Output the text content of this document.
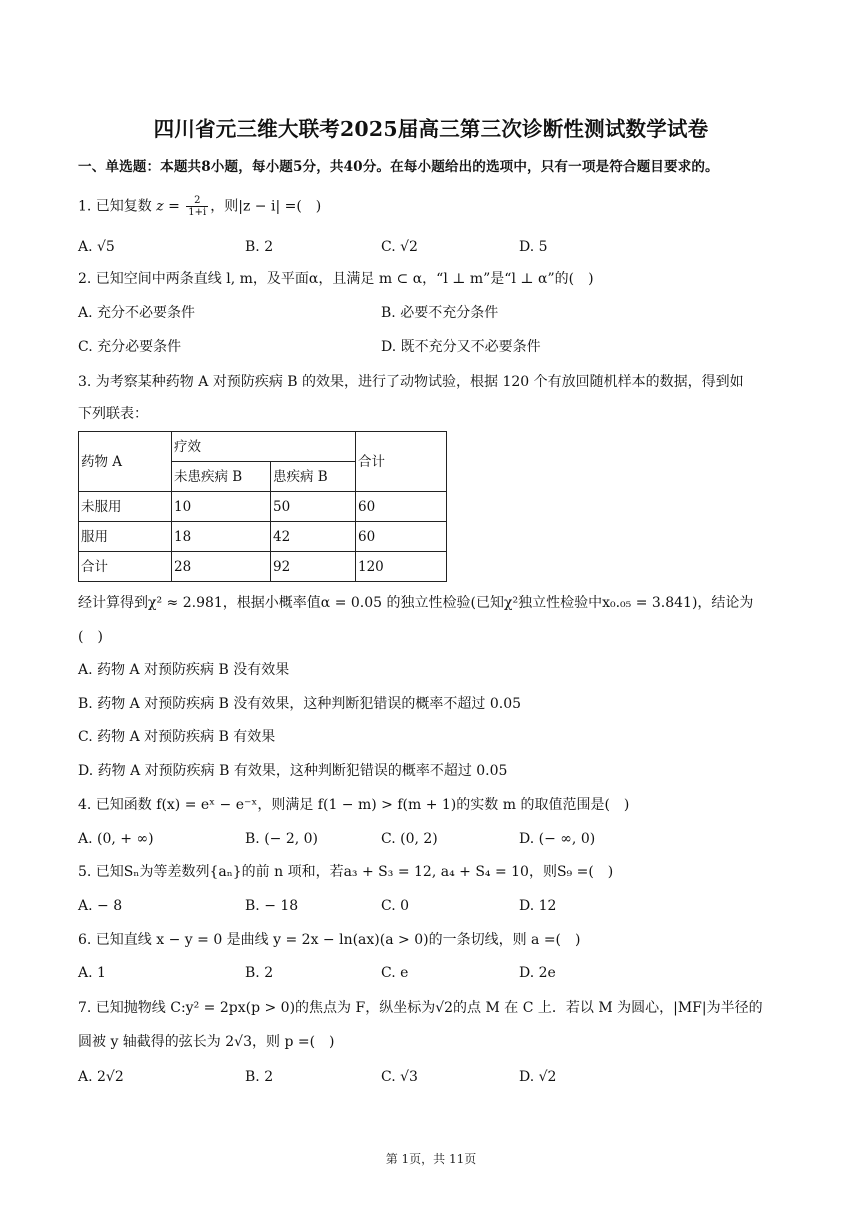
四川省元三维大联考2025届高三第三次诊断性测试数学试卷
一、单选题：本题共8小题，每小题5分，共40分。在每小题给出的选项中，只有一项是符合题目要求的。
1. 已知复数 $z = \frac{2}{1+i}$ ，则|z − i| =(　)
A. √5	B. 2	C. √2	D. 5
2. 已知空间中两条直线 l, m，及平面α，且满足 m ⊂ α，“l ⊥ m”是“l ⊥ α”的(　)
A. 充分不必要条件	B. 必要不充分条件
C. 充分必要条件	D. 既不充分又不必要条件
3. 为考察某种药物 A 对预防疾病 B 的效果，进行了动物试验，根据 120 个有放回随机样本的数据，得到如
下列联表：
药物 A	疗效		合计
	未患疾病 B	患疾病 B	
未服用	10	50	60
服用	18	42	60
合计	28	92	120
经计算得到χ² ≈ 2.981，根据小概率值α = 0.05 的独立性检验(已知χ²独立性检验中x₀.₀₅ = 3.841)，结论为
(　)
A. 药物 A 对预防疾病 B 没有效果
B. 药物 A 对预防疾病 B 没有效果，这种判断犯错误的概率不超过 0.05
C. 药物 A 对预防疾病 B 有效果
D. 药物 A 对预防疾病 B 有效果，这种判断犯错误的概率不超过 0.05
4. 已知函数 f(x) = eˣ − e⁻ˣ，则满足 f(1 − m) > f(m + 1)的实数 m 的取值范围是(　)
A. (0, + ∞)	B. (− 2, 0)	C. (0, 2)	D. (− ∞, 0)
5. 已知Sₙ为等差数列{aₙ}的前 n 项和，若a₃ + S₃ = 12, a₄ + S₄ = 10，则S₉ =(　)
A. − 8	B. − 18	C. 0	D. 12
6. 已知直线 x − y = 0 是曲线 y = 2x − ln(ax)(a > 0)的一条切线，则 a =(　)
A. 1	B. 2	C. e	D. 2e
7. 已知抛物线 C:y² = 2px(p > 0)的焦点为 F，纵坐标为√2的点 M 在 C 上．若以 M 为圆心，|MF|为半径的
圆被 y 轴截得的弦长为 2√3，则 p =(　)
A. 2√2	B. 2	C. √3	D. √2
第 1页，共 11页
